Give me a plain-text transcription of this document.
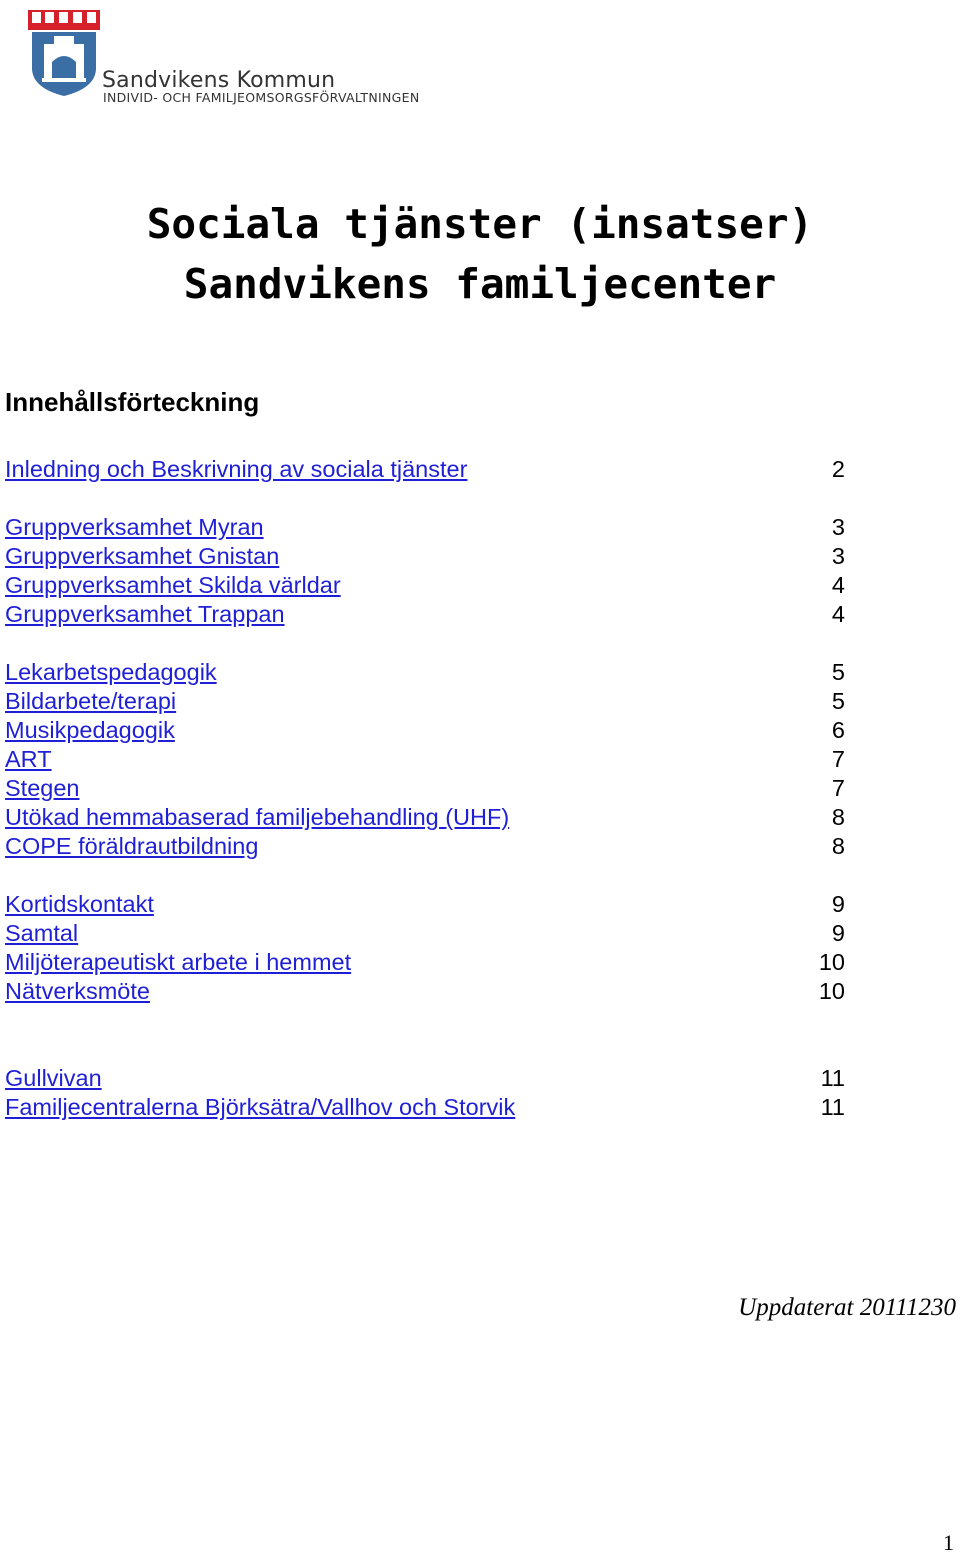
Sandvikens Kommun
INDIVID- OCH FAMILJEOMSORGSFÖRVALTNINGEN
Sociala tjänster (insatser)
Sandvikens familjecenter
Innehållsförteckning
Inledning och Beskrivning av sociala tjänster	2
Gruppverksamhet Myran	3
Gruppverksamhet Gnistan	3
Gruppverksamhet Skilda världar	4
Gruppverksamhet Trappan	4
Lekarbetspedagogik	5
Bildarbete/terapi	5
Musikpedagogik	6
ART	7
Stegen	7
Utökad hemmabaserad familjebehandling (UHF)	8
COPE föräldrautbildning	8
Kortidskontakt	9
Samtal	9
Miljöterapeutiskt arbete i hemmet	10
Nätverksmöte	10
Gullvivan	11
Familjecentralerna Björksätra/Vallhov och Storvik	11
Uppdaterat 20111230
1
